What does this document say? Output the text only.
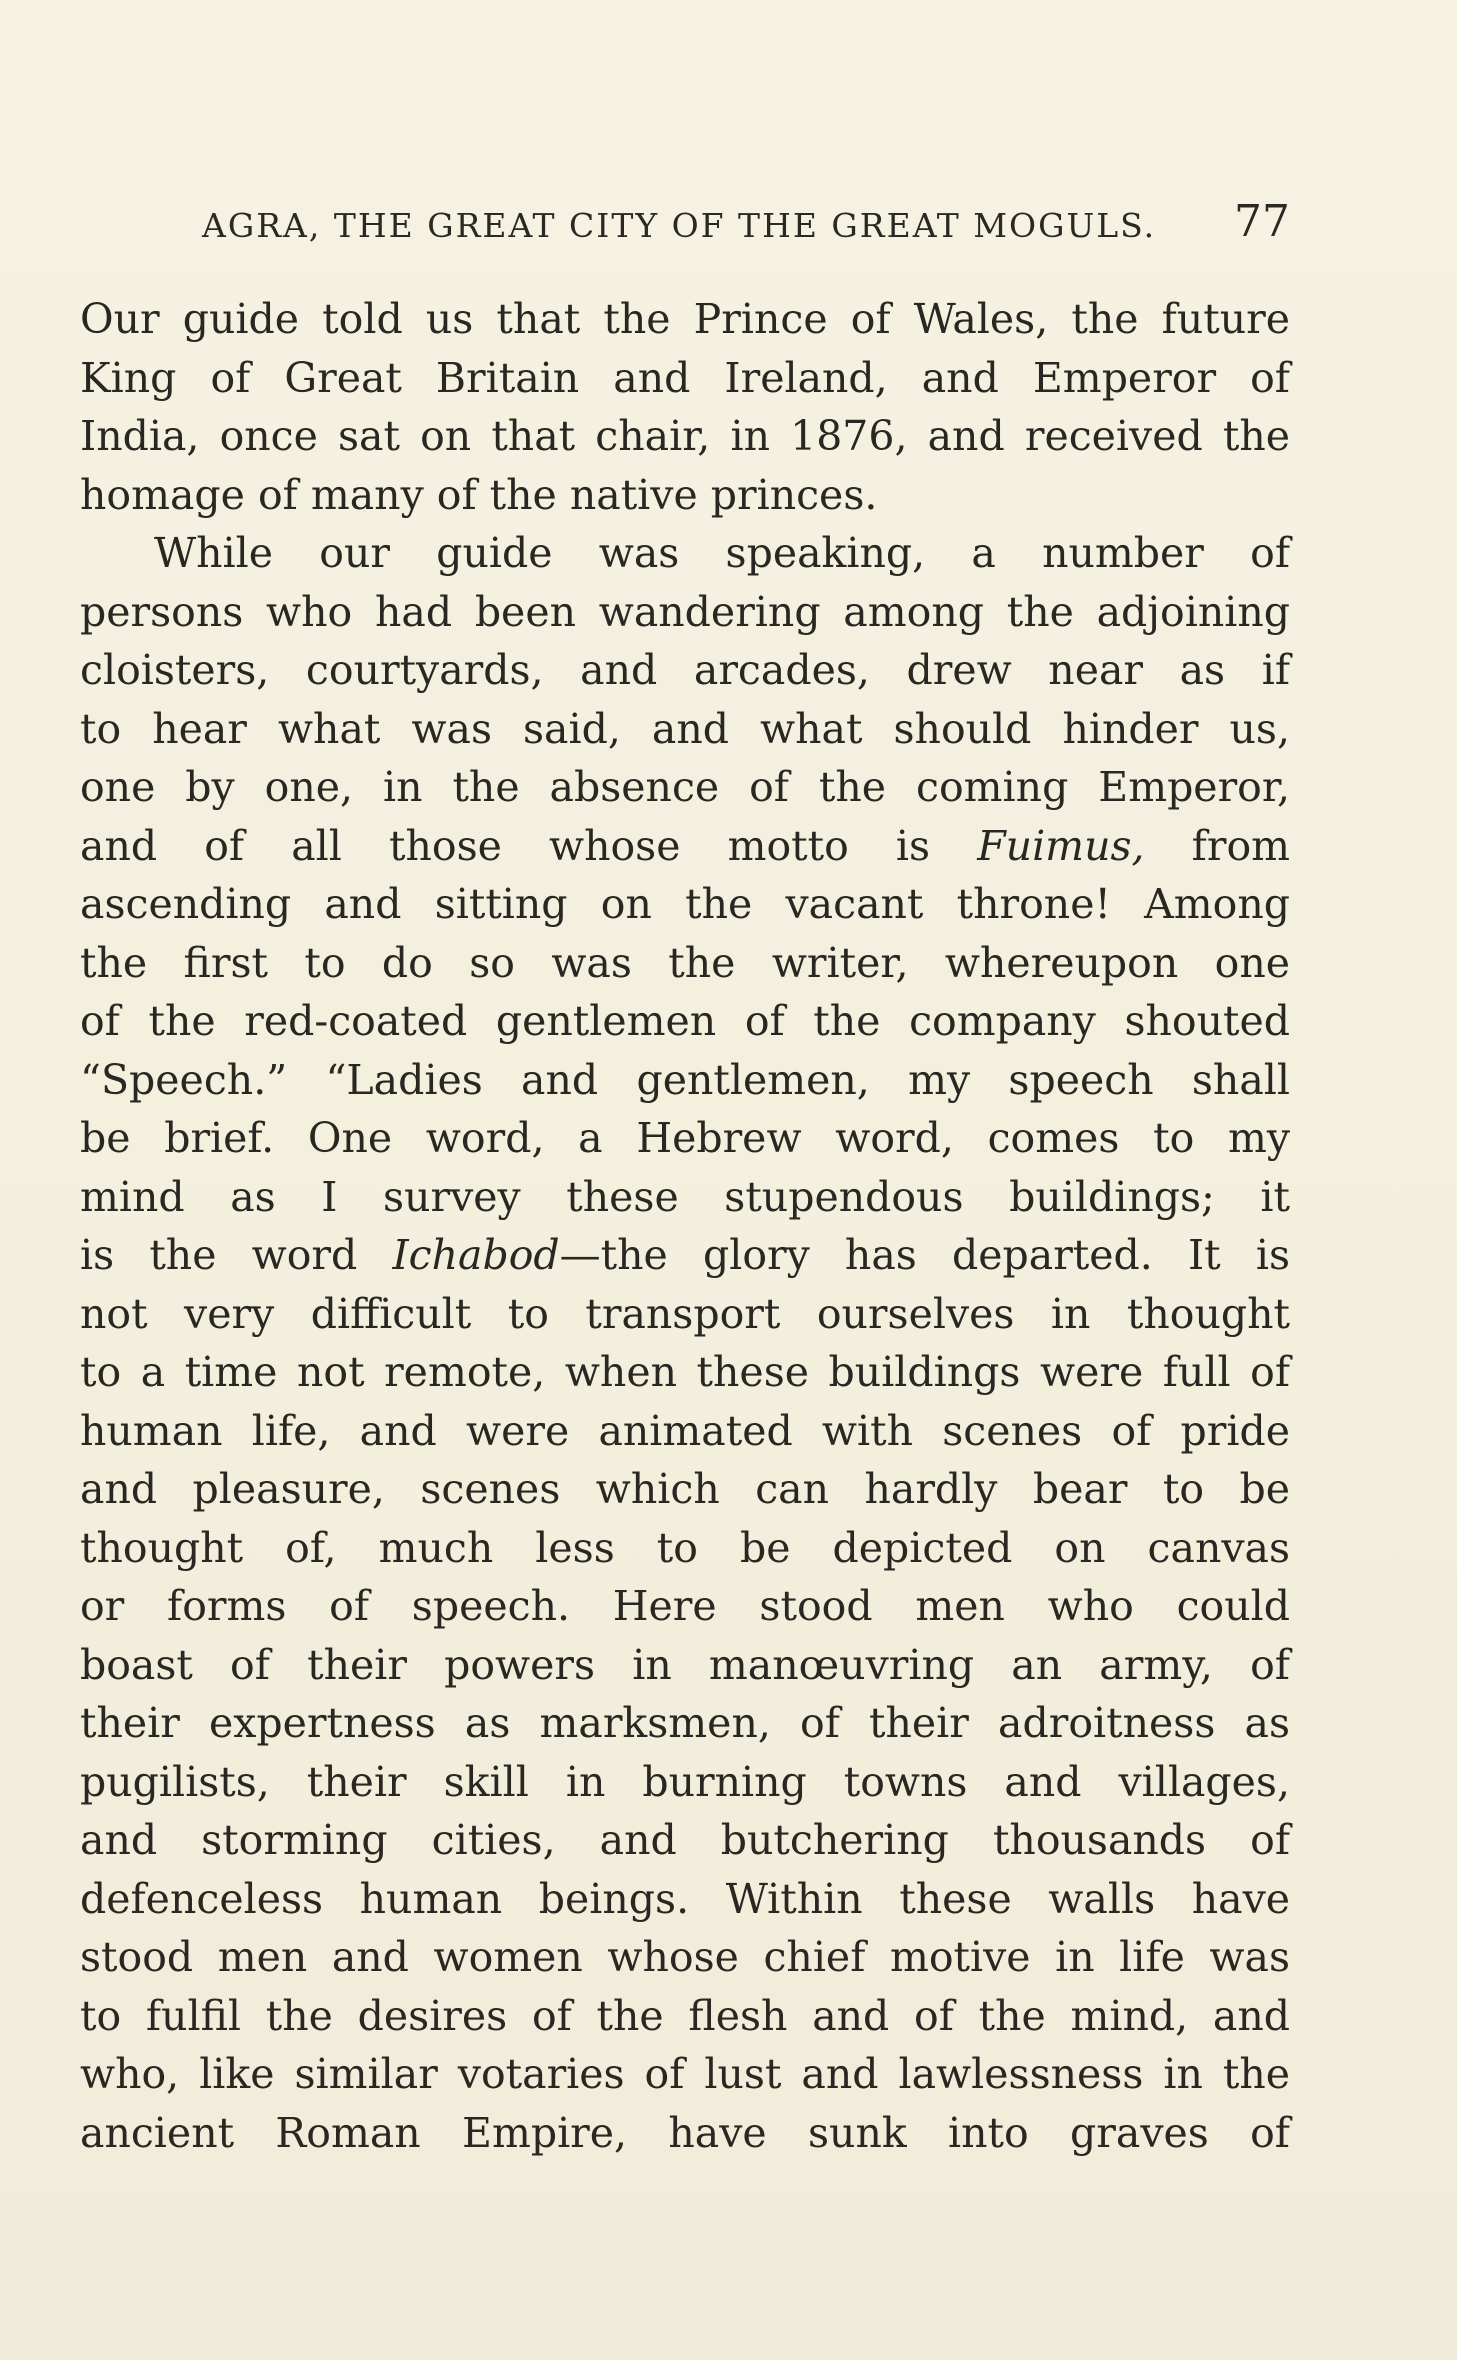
AGRA, THE GREAT CITY OF THE GREAT MOGULS. 77
Our guide told us that the Prince of Wales, the future
King of Great Britain and Ireland, and Emperor of
India, once sat on that chair, in 1876, and received the
homage of many of the native princes.
While our guide was speaking, a number of
persons who had been wandering among the adjoining
cloisters, courtyards, and arcades, drew near as if
to hear what was said, and what should hinder us,
one by one, in the absence of the coming Emperor,
and of all those whose motto is Fuimus, from
ascending and sitting on the vacant throne! Among
the first to do so was the writer, whereupon one
of the red-coated gentlemen of the company shouted
“Speech.” “Ladies and gentlemen, my speech shall
be brief. One word, a Hebrew word, comes to my
mind as I survey these stupendous buildings; it
is the word Ichabod—the glory has departed. It is
not very difficult to transport ourselves in thought
to a time not remote, when these buildings were full of
human life, and were animated with scenes of pride
and pleasure, scenes which can hardly bear to be
thought of, much less to be depicted on canvas
or forms of speech. Here stood men who could
boast of their powers in manœuvring an army, of
their expertness as marksmen, of their adroitness as
pugilists, their skill in burning towns and villages,
and storming cities, and butchering thousands of
defenceless human beings. Within these walls have
stood men and women whose chief motive in life was
to fulfil the desires of the flesh and of the mind, and
who, like similar votaries of lust and lawlessness in the
ancient Roman Empire, have sunk into graves of
